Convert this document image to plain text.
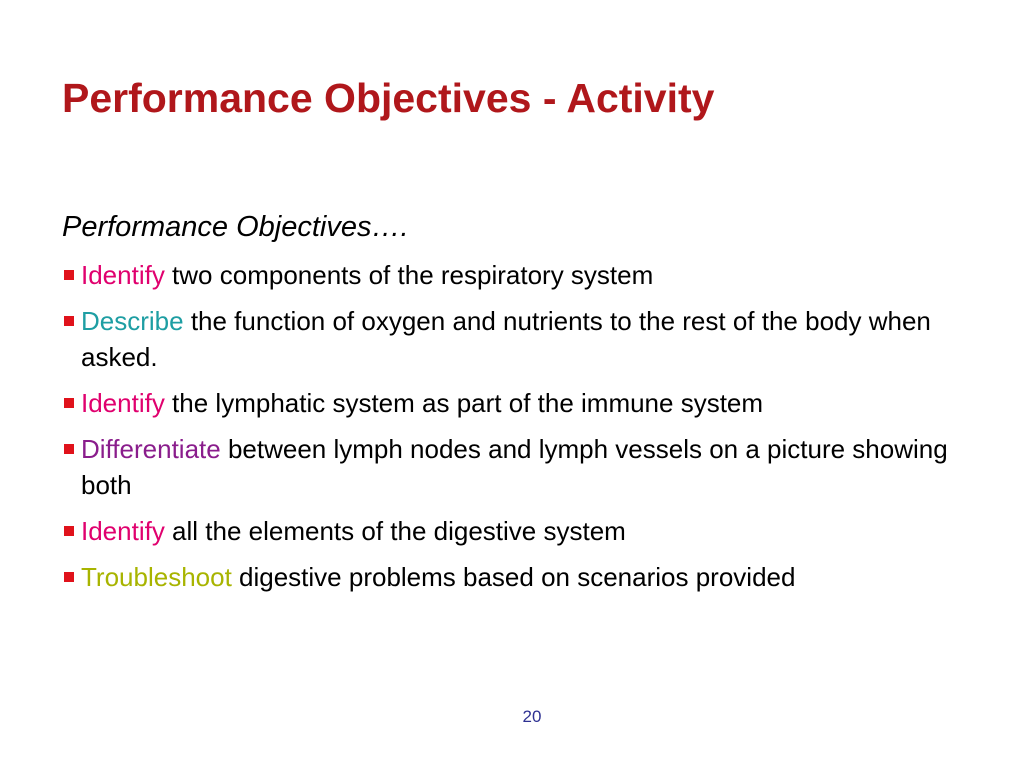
Performance Objectives - Activity
Performance Objectives….
Identify two components of the respiratory system
Describe the function of oxygen and nutrients to the rest of the body when asked.
Identify the lymphatic system as part of the immune system
Differentiate between lymph nodes and lymph vessels on a picture showing both
Identify all the elements of the digestive system
Troubleshoot digestive problems based on scenarios provided
20
